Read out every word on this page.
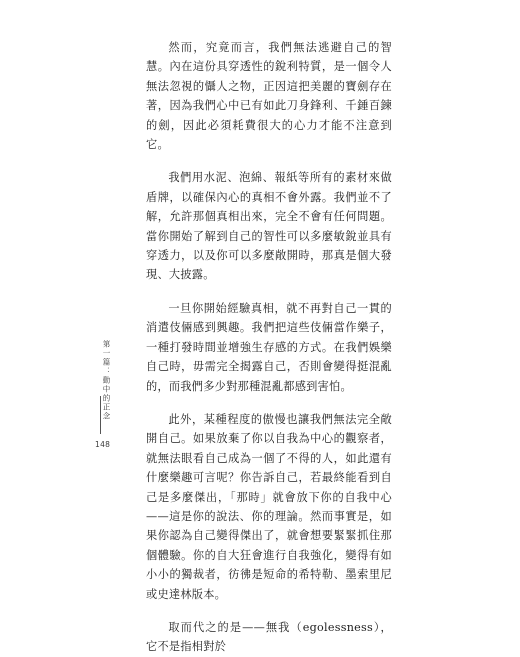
然而，究竟而言，我們無法逃避自己的智慧。內在這份具穿透性的銳利特質，是一個令人無法忽視的懾人之物，正因這把美麗的寶劍存在著，因為我們心中已有如此刀身鋒利、千錘百鍊的劍，因此必須耗費很大的心力才能不注意到它。

我們用水泥、泡綿、報紙等所有的素材來做盾牌，以確保內心的真相不會外露。我們並不了解，允許那個真相出來，完全不會有任何問題。當你開始了解到自己的智性可以多麼敏銳並具有穿透力，以及你可以多麼敞開時，那真是個大發現、大披露。

一旦你開始經驗真相，就不再對自己一貫的消遣伎倆感到興趣。我們把這些伎倆當作樂子，一種打發時間並增強生存感的方式。在我們娛樂自己時，毋需完全揭露自己，否則會變得挺混亂的，而我們多少對那種混亂都感到害怕。

此外，某種程度的傲慢也讓我們無法完全敞開自己。如果放棄了你以自我為中心的觀察者，就無法眼看自己成為一個了不得的人，如此還有什麼樂趣可言呢？你告訴自己，若最終能看到自己是多麼傑出，「那時」就會放下你的自我中心——這是你的說法、你的理論。然而事實是，如果你認為自己變得傑出了，就會想要緊緊抓住那個體驗。你的自大狂會進行自我強化，變得有如小小的獨裁者，彷彿是短命的希特勒、墨索里尼或史達林版本。

取而代之的是——無我（egolessness），它不是指相對於

第一篇：動中的正念
148
